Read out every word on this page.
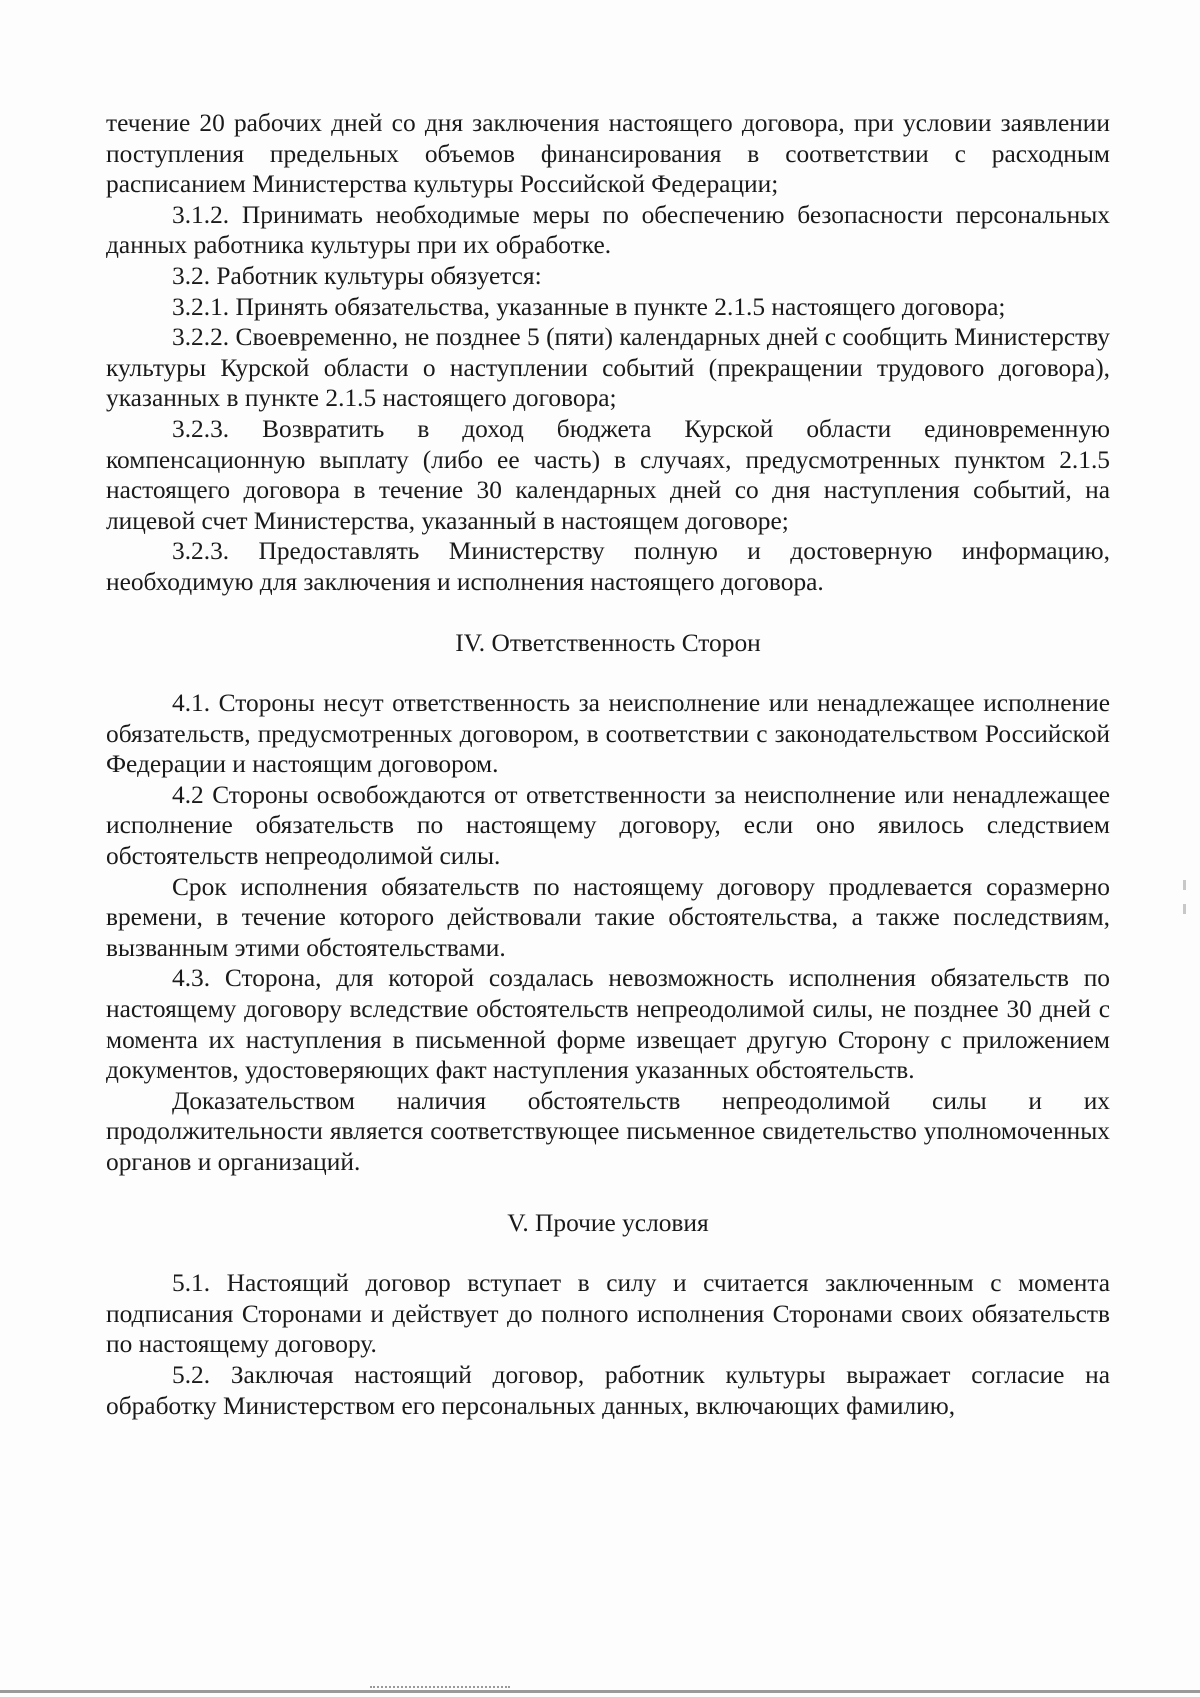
течение 20 рабочих дней со дня заключения настоящего договора, при условии заявлении поступления предельных объемов финансирования в соответствии с расходным расписанием Министерства культуры Российской Федерации;

3.1.2. Принимать необходимые меры по обеспечению безопасности персональных данных работника культуры при их обработке.

3.2. Работник культуры обязуется:

3.2.1. Принять обязательства, указанные в пункте 2.1.5 настоящего договора;

3.2.2. Своевременно, не позднее 5 (пяти) календарных дней с сообщить Министерству культуры Курской области о наступлении событий (прекращении трудового договора), указанных в пункте 2.1.5 настоящего договора;

3.2.3. Возвратить в доход бюджета Курской области единовременную компенсационную выплату (либо ее часть) в случаях, предусмотренных пунктом 2.1.5 настоящего договора в течение 30 календарных дней со дня наступления событий, на лицевой счет Министерства, указанный в настоящем договоре;

3.2.3. Предоставлять Министерству полную и достоверную информацию, необходимую для заключения и исполнения настоящего договора.

IV. Ответственность Сторон

4.1. Стороны несут ответственность за неисполнение или ненадлежащее исполнение обязательств, предусмотренных договором, в соответствии с законодательством Российской Федерации и настоящим договором.

4.2 Стороны освобождаются от ответственности за неисполнение или ненадлежащее исполнение обязательств по настоящему договору, если оно явилось следствием обстоятельств непреодолимой силы.

Срок исполнения обязательств по настоящему договору продлевается соразмерно времени, в течение которого действовали такие обстоятельства, а также последствиям, вызванным этими обстоятельствами.

4.3. Сторона, для которой создалась невозможность исполнения обязательств по настоящему договору вследствие обстоятельств непреодолимой силы, не позднее 30 дней с момента их наступления в письменной форме извещает другую Сторону с приложением документов, удостоверяющих факт наступления указанных обстоятельств.

Доказательством наличия обстоятельств непреодолимой силы и их продолжительности является соответствующее письменное свидетельство уполномоченных органов и организаций.

V. Прочие условия

5.1. Настоящий договор вступает в силу и считается заключенным с момента подписания Сторонами и действует до полного исполнения Сторонами своих обязательств по настоящему договору.

5.2. Заключая настоящий договор, работник культуры выражает согласие на обработку Министерством его персональных данных, включающих фамилию,
